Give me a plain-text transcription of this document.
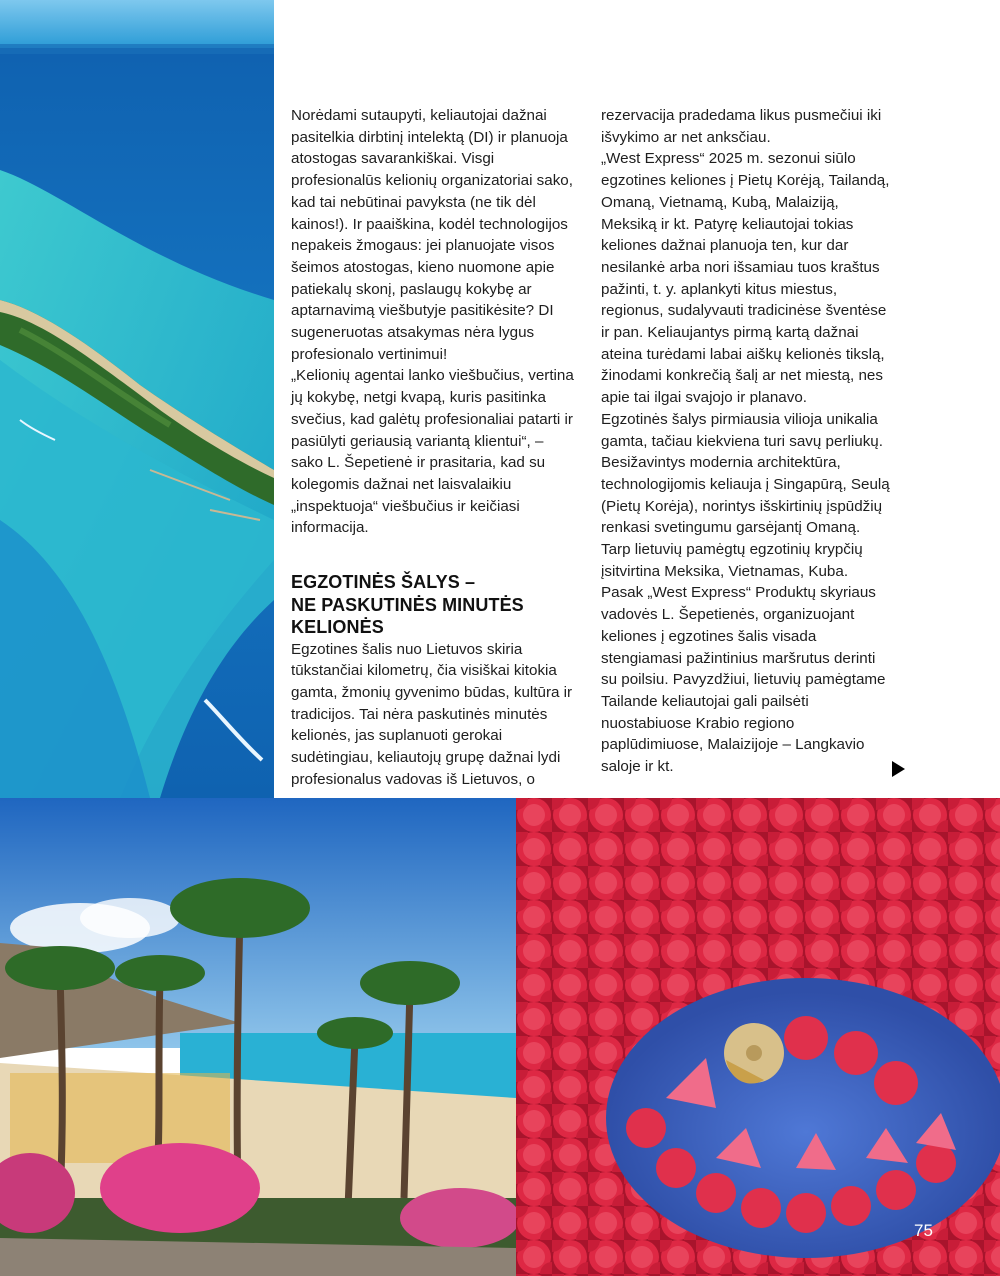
Norėdami sutaupyti, keliautojai dažnai pasitelkia dirbtinį intelektą (DI) ir planuoja atostogas savarankiškai. Visgi profesionalūs kelionių organizatoriai sako, kad tai nebūtinai pavyksta (ne tik dėl kainos!). Ir paaiškina, kodėl technologijos nepakeis žmogaus: jei planuojate visos šeimos atostogas, kieno nuomone apie patiekalų skonį, paslaugų kokybę ar aptarnavimą viešbutyje pasitikėsite? DI sugeneruotas atsakymas nėra lygus profesionalo vertinimui!

„Kelionių agentai lanko viešbučius, vertina jų kokybę, netgi kvapą, kuris pasitinka svečius, kad galėtų profesionaliai patarti ir pasiūlyti geriausią variantą klientui“, – sako L. Šepetienė ir prasitaria, kad su kolegomis dažnai net laisvalaikiu „inspektuoja“ viešbučius ir keičiasi informacija.

EGZOTINĖS ŠALYS –
NE PASKUTINĖS MINUTĖS
KELIONĖS

Egzotines šalis nuo Lietuvos skiria tūkstančiai kilometrų, čia visiškai kitokia gamta, žmonių gyvenimo būdas, kultūra ir tradicijos. Tai nėra paskutinės minutės kelionės, jas suplanuoti gerokai sudėtingiau, keliautojų grupę dažnai lydi profesionalus vadovas iš Lietuvos, o

rezervacija pradedama likus pusmečiui iki išvykimo ar net anksčiau.

„West Express“ 2025 m. sezonui siūlo egzotines keliones į Pietų Korėją, Tailandą, Omaną, Vietnamą, Kubą, Malaiziją, Meksiką ir kt. Patyrę keliautojai tokias keliones dažnai planuoja ten, kur dar nesilankė arba nori išsamiau tuos kraštus pažinti, t. y. aplankyti kitus miestus, regionus, sudalyvauti tradicinėse šventėse ir pan. Keliaujantys pirmą kartą dažnai ateina turėdami labai aiškų kelionės tikslą, žinodami konkrečią šalį ar net miestą, nes apie tai ilgai svajojo ir planavo.

Egzotinės šalys pirmiausia vilioja unikalia gamta, tačiau kiekviena turi savų perliukų. Besižavintys modernia architektūra, technologijomis keliauja į Singapūrą, Seulą (Pietų Korėja), norintys išskirtinių įspūdžių renkasi svetingumu garsėjantį Omaną. Tarp lietuvių pamėgtų egzotinių krypčių įsitvirtina Meksika, Vietnamas, Kuba. Pasak „West Express“ Produktų skyriaus vadovės L. Šepetienės, organizuojant keliones į egzotines šalis visada stengiamasi pažintinius maršrutus derinti su poilsiu. Pavyzdžiui, lietuvių pamėgtame Tailande keliautojai gali pailsėti nuostabiuose Krabio regiono paplūdimiuose, Malaizijoje – Langkavio saloje ir kt.

75
